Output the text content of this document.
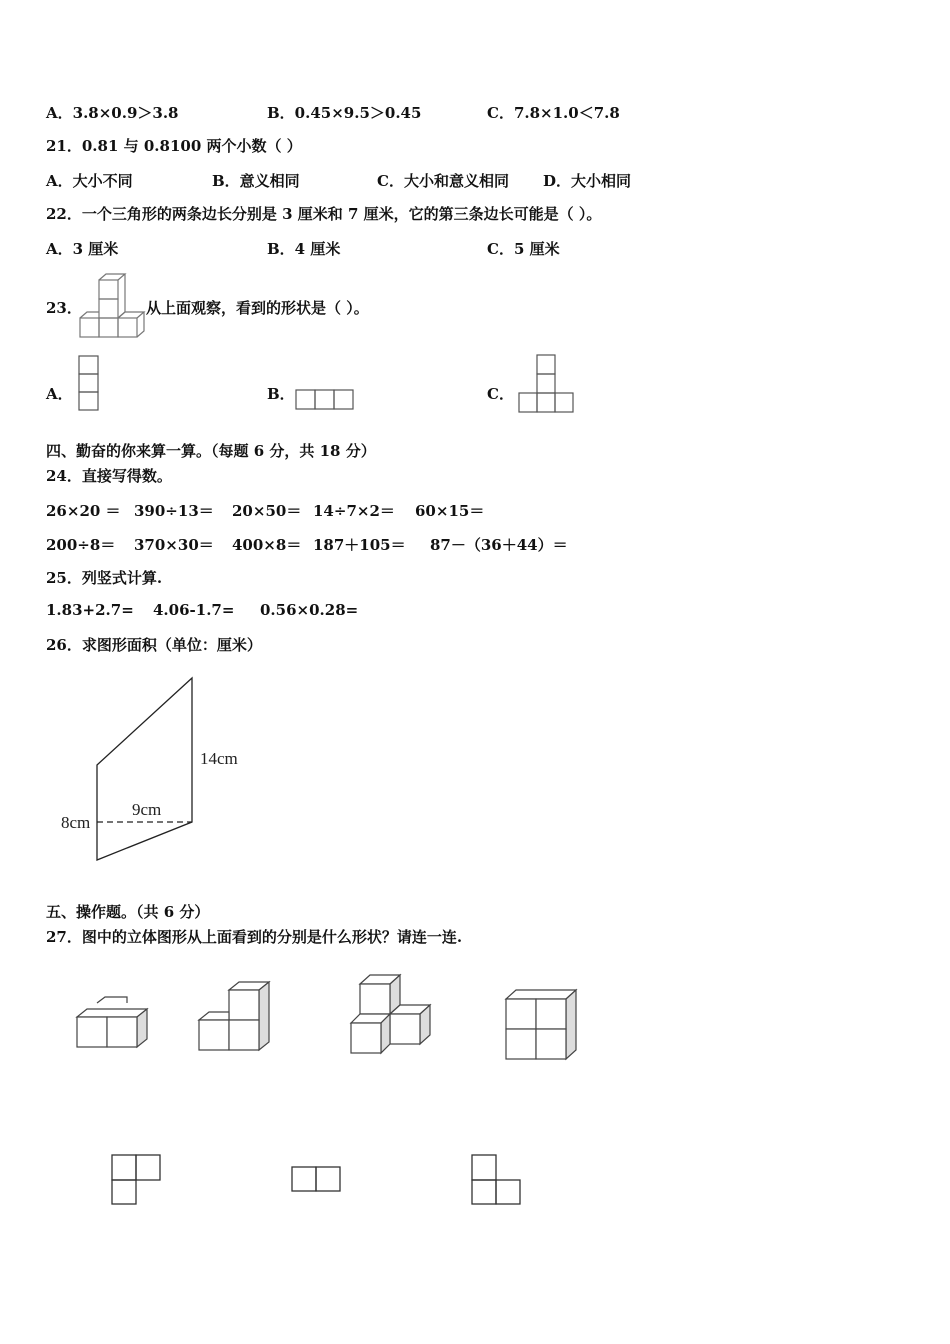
A．3.8×0.9＞3.8	B．0.45×9.5＞0.45	C．7.8×1.0＜7.8
21．0.81 与 0.8100 两个小数（ ）
A．大小不同	B．意义相同	C．大小和意义相同 D．大小相同
22．一个三角形的两条边长分别是 3 厘米和 7 厘米，它的第三条边长可能是（ ）。
A．3 厘米	B．4 厘米	C．5 厘米
23．	从上面观察，看到的形状是（ ）。
A．	B．	C．
四、勤奋的你来算一算。（每题 6 分，共 18 分）
24．直接写得数。
26×20 ＝ 390÷13＝ 20×50＝ 14÷7×2＝ 60×15＝
200÷8＝ 370×30＝ 400×8＝ 187＋105＝ 87－（36＋44）＝
25．列竖式计算.
1.83+2.7= 4.06-1.7= 0.56×0.28=
26．求图形面积（单位：厘米）
14cm
9cm
8cm
五、操作题。（共 6 分）
27．图中的立体图形从上面看到的分别是什么形状？请连一连.
